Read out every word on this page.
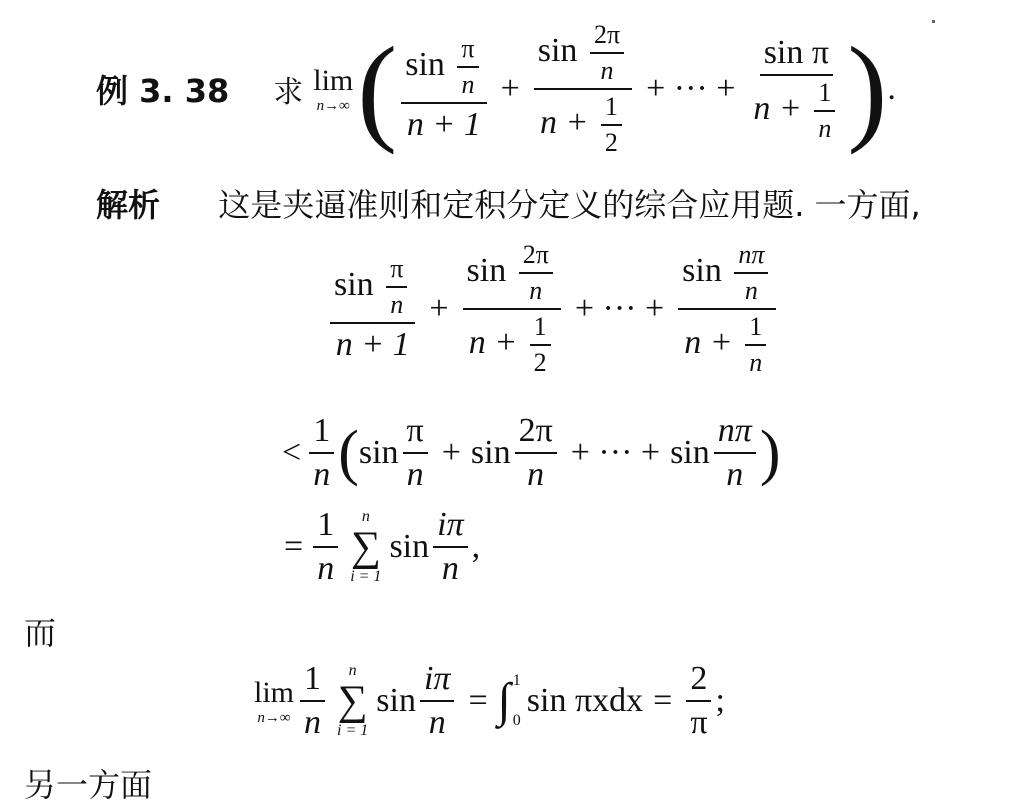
例 3. 38 求 lim
n→∞ ( $\frac{\sin \frac{\pi}{n}}{n + 1} + \frac{\sin \frac{2\pi}{n}}{n + \frac{1}{2}}$ + ··· + $\frac{\text{sin π}}{n + \frac{1}{n}}$ ) .
解析 这是夹逼准则和定积分定义的综合应用题. 一方面,
$\frac{\sin \frac{\pi}{n}}{n + 1} + \frac{\sin \frac{2\pi}{n}}{n + \frac{1}{2}}$ + ··· + $\frac{\sin \frac{n\pi}{n}}{n + \frac{1}{n}}$
< $\frac{1}{n}$ ( $\sin \frac{\pi}{n} + \sin \frac{2\pi}{n}$ + ··· + $\sin \frac{n\pi}{n}$ )
= $\frac{1}{n}$ n
∑
i = 1
$\sin \frac{i\pi}{n}$ ,
而
lim
$n\to\infty \frac{1}{n}$ n
∑
i = 1
$\sin \frac{i\pi}{n}$ = ∫ 1
0
$\sin \pi xdx = \frac{2}{\pi}$ ;
另一方面
